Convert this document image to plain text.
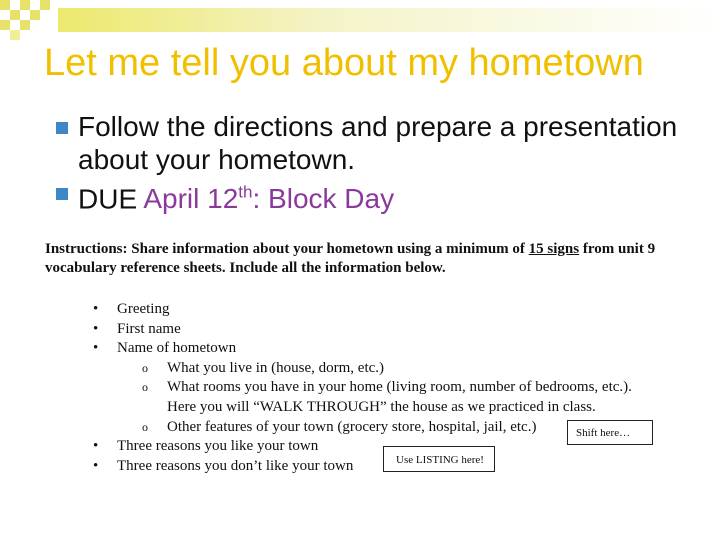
Let me tell you about my hometown
Follow the directions and prepare a presentation about your hometown.
DUE April 12th: Block Day
Instructions: Share information about your hometown using a minimum of 15 signs from unit 9 vocabulary reference sheets. Include all the information below.
• Greeting
• First name
• Name of hometown
o What you live in (house, dorm, etc.)
o What rooms you have in your home (living room, number of bedrooms, etc.).
Here you will “WALK THROUGH” the house as we practiced in class.
o Other features of your town (grocery store, hospital, jail, etc.)
• Three reasons you like your town
• Three reasons you don’t like your town
Shift here…
Use LISTING here!
